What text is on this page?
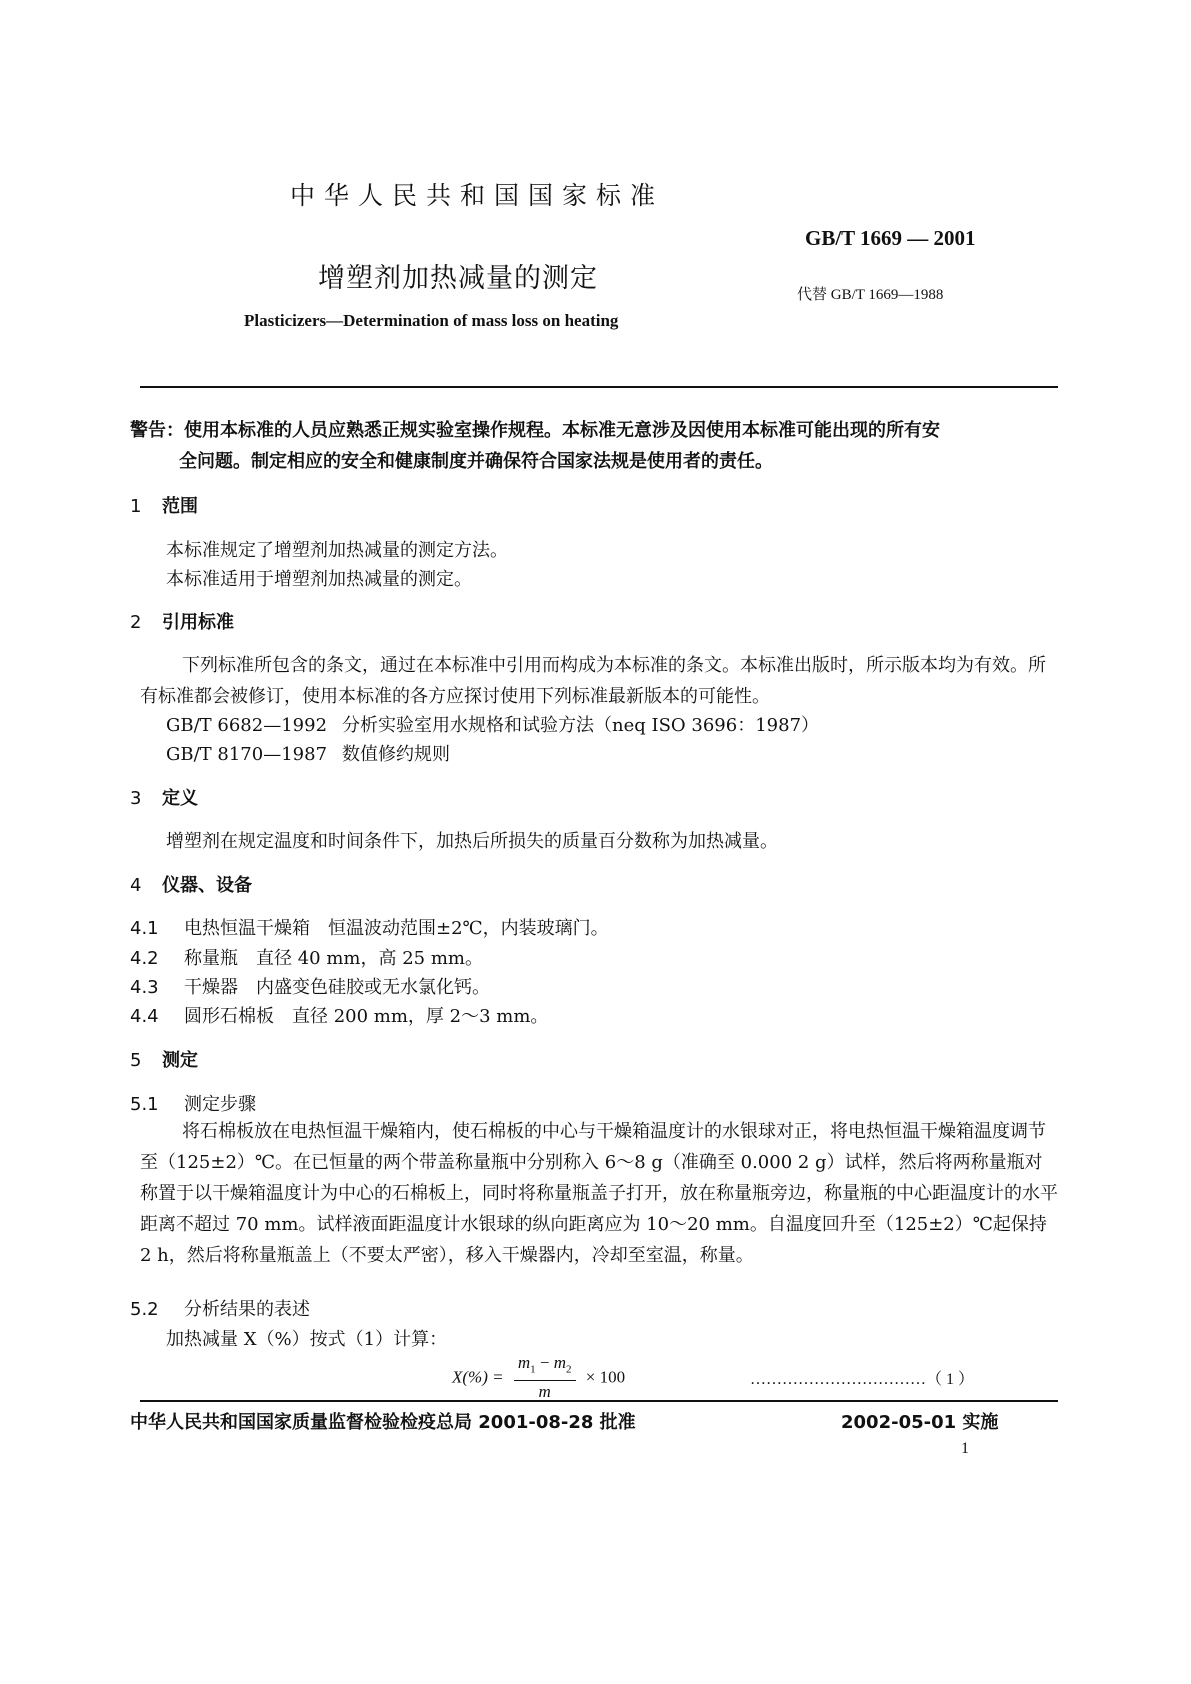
中华人民共和国国家标准
GB/T 1669 — 2001
增塑剂加热减量的测定
代替 GB/T 1669—1988
Plasticizers—Determination of mass loss on heating
警告：使用本标准的人员应熟悉正规实验室操作规程。本标准无意涉及因使用本标准可能出现的所有安
全问题。制定相应的安全和健康制度并确保符合国家法规是使用者的责任。
1 范围
本标准规定了增塑剂加热减量的测定方法。
本标准适用于增塑剂加热减量的测定。
2 引用标准
下列标准所包含的条文，通过在本标准中引用而构成为本标准的条文。本标准出版时，所示版本均为有效。所有标准都会被修订，使用本标准的各方应探讨使用下列标准最新版本的可能性。
GB/T 6682—1992 分析实验室用水规格和试验方法（neq ISO 3696：1987）
GB/T 8170—1987 数值修约规则
3 定义
增塑剂在规定温度和时间条件下，加热后所损失的质量百分数称为加热减量。
4 仪器、设备
4.1 电热恒温干燥箱　恒温波动范围±2℃，内装玻璃门。
4.2 称量瓶　直径 40 mm，高 25 mm。
4.3 干燥器　内盛变色硅胶或无水氯化钙。
4.4 圆形石棉板　直径 200 mm，厚 2～3 mm。
5 测定
5.1 测定步骤
将石棉板放在电热恒温干燥箱内，使石棉板的中心与干燥箱温度计的水银球对正，将电热恒温干燥箱温度调节至（125±2）℃。在已恒量的两个带盖称量瓶中分别称入 6～8 g（准确至 0.000 2 g）试样，然后将两称量瓶对称置于以干燥箱温度计为中心的石棉板上，同时将称量瓶盖子打开，放在称量瓶旁边，称量瓶的中心距温度计的水平距离不超过 70 mm。试样液面距温度计水银球的纵向距离应为 10～20 mm。自温度回升至（125±2）℃起保持 2 h，然后将称量瓶盖上（不要太严密），移入干燥器内，冷却至室温，称量。
5.2 分析结果的表述
加热减量 X（%）按式（1）计算：
$X(\%) = \frac{m_1 - m_2}{m} \times 100$	……………………………（ 1 ）
中华人民共和国国家质量监督检验检疫总局 2001-08-28 批准	2002-05-01 实施
1
